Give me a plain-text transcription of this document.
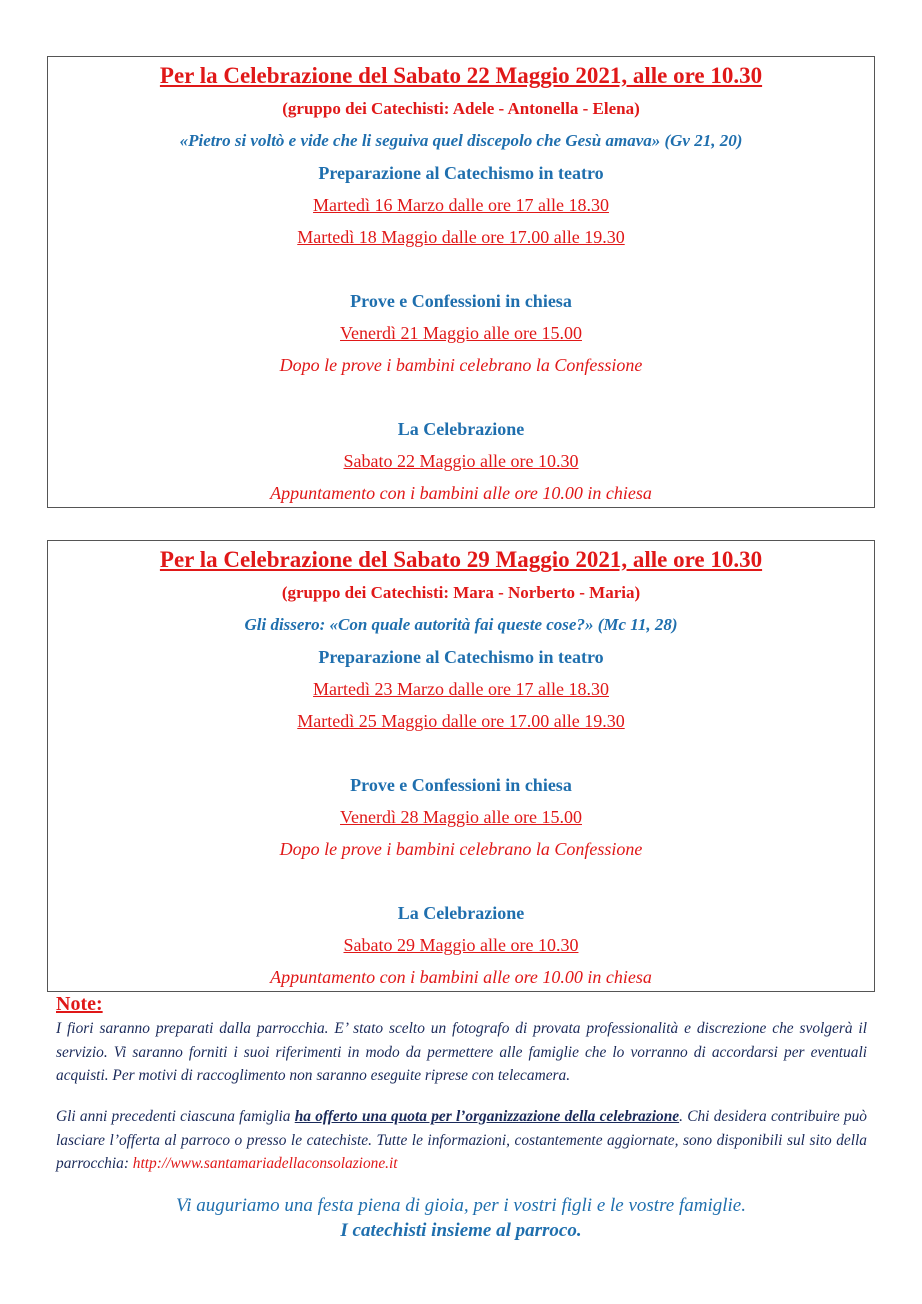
Per la Celebrazione del Sabato 22 Maggio 2021, alle ore 10.30
(gruppo dei Catechisti: Adele - Antonella - Elena)
«Pietro si voltò e vide che li seguiva quel discepolo che Gesù amava» (Gv 21, 20)
Preparazione al Catechismo in teatro
Martedì 16 Marzo dalle ore 17 alle 18.30
Martedì 18 Maggio dalle ore 17.00 alle 19.30
Prove e Confessioni in chiesa
Venerdì 21 Maggio alle ore 15.00
Dopo le prove i bambini celebrano la Confessione
La Celebrazione
Sabato 22 Maggio alle ore 10.30
Appuntamento con i bambini alle ore 10.00 in chiesa
Per la Celebrazione del Sabato 29 Maggio 2021, alle ore 10.30
(gruppo dei Catechisti: Mara - Norberto - Maria)
Gli dissero: «Con quale autorità fai queste cose?» (Mc 11, 28)
Preparazione al Catechismo in teatro
Martedì 23 Marzo dalle ore 17 alle 18.30
Martedì 25 Maggio dalle ore 17.00 alle 19.30
Prove e Confessioni in chiesa
Venerdì 28 Maggio alle ore 15.00
Dopo le prove i bambini celebrano la Confessione
La Celebrazione
Sabato 29 Maggio alle ore 10.30
Appuntamento con i bambini alle ore 10.00 in chiesa
Note:
I fiori saranno preparati dalla parrocchia. E’ stato scelto un fotografo di provata professionalità e discrezione che svolgerà il servizio. Vi saranno forniti i suoi riferimenti in modo da permettere alle famiglie che lo vorranno di accordarsi per eventuali acquisti. Per motivi di raccoglimento non saranno eseguite riprese con telecamera.
Gli anni precedenti ciascuna famiglia ha offerto una quota per l’organizzazione della celebrazione. Chi desidera contribuire può lasciare l’offerta al parroco o presso le catechiste. Tutte le informazioni, costantemente aggiornate, sono disponibili sul sito della parrocchia: http://www.santamariadellaconsolazione.it
Vi auguriamo una festa piena di gioia, per i vostri figli e le vostre famiglie.
I catechisti insieme al parroco.
